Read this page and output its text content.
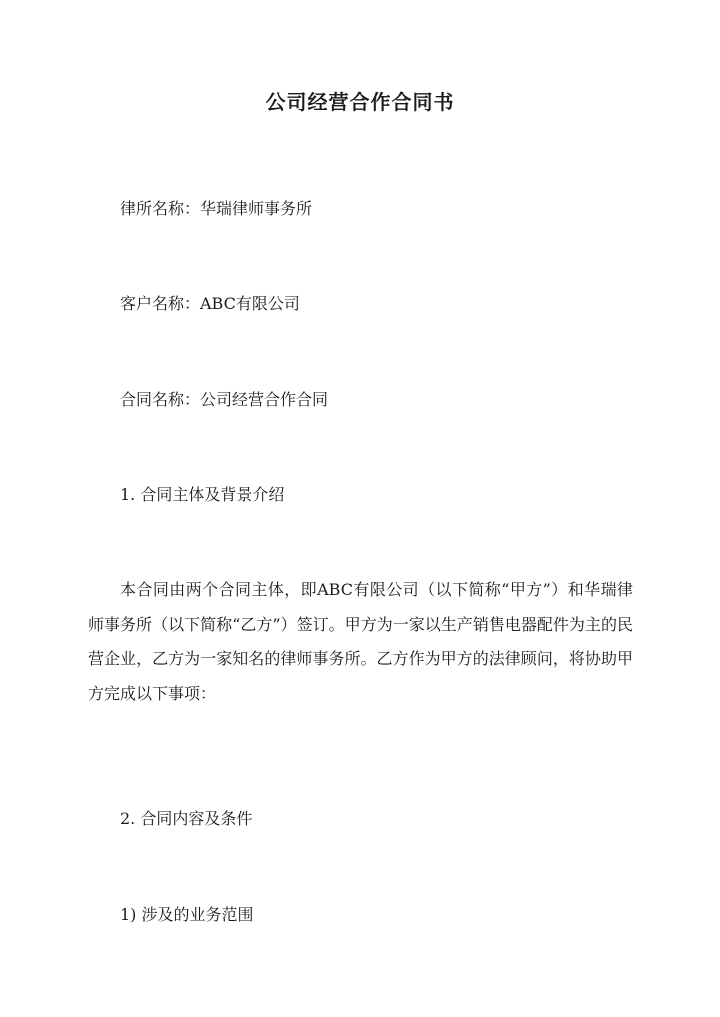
公司经营合作合同书
律所名称：华瑞律师事务所
客户名称：ABC有限公司
合同名称：公司经营合作合同
1. 合同主体及背景介绍
本合同由两个合同主体，即ABC有限公司（以下简称“甲方”）和华瑞律师事务所（以下简称“乙方”）签订。甲方为一家以生产销售电器配件为主的民营企业，乙方为一家知名的律师事务所。乙方作为甲方的法律顾问，将协助甲方完成以下事项：
2. 合同内容及条件
1) 涉及的业务范围
